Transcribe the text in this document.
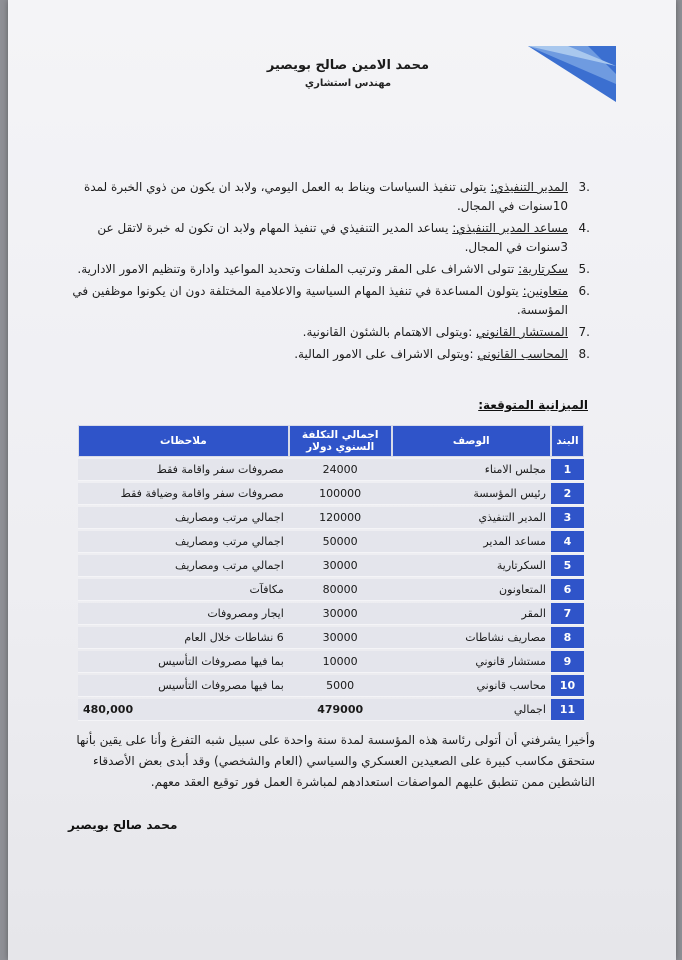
محمد الامين صالح بويصير
مهندس استشاري
3.
المدير التنفيذي: يتولى تنفيذ السياسات ويناط به العمل اليومي، ولابد ان يكون من ذوي الخبرة لمدة 10سنوات في المجال.
4.
مساعد المدير التنفيذي: يساعد المدير التنفيذي في تنفيذ المهام ولابد ان تكون له خبرة لاتقل عن 3سنوات في المجال.
5.
سكرتارية: تتولى الاشراف على المقر وترتيب الملفات وتحديد المواعيد وادارة وتنظيم الامور الادارية.
6.
متعاونين: يتولون المساعدة في تنفيذ المهام السياسية والاعلامية المختلفة دون ان يكونوا موظفين في المؤسسة.
7.
المستشار القانوني :ويتولى الاهتمام بالشئون القانونية.
8.
المحاسب القانوني :ويتولى الاشراف على الامور المالية.
الميزانية المتوقعة:
البند	الوصف	اجمالي التكلفة السنوي دولار	ملاحظات
1	مجلس الامناء	24000	مصروفات سفر واقامة فقط
2	رئيس المؤسسة	100000	مصروفات سفر واقامة وضيافة فقط
3	المدير التنفيذي	120000	اجمالي مرتب ومصاريف
4	مساعد المدير	50000	اجمالي مرتب ومصاريف
5	السكرتارية	30000	اجمالي مرتب ومصاريف
6	المتعاونون	80000	مكافآت
7	المقر	30000	ايجار ومصروفات
8	مصاريف نشاطات	30000	6 نشاطات خلال العام
9	مستشار قانوني	10000	بما فيها مصروفات التأسيس
10	محاسب قانوني	5000	بما فيها مصروفات التأسيس
11	اجمالي	479000	480,000
وأخيرا يشرفني أن أتولى رئاسة هذه المؤسسة لمدة سنة واحدة على سبيل شبه التفرغ وأنا على يقين بأنها ستحقق مكاسب كبيرة على الصعيدين العسكري والسياسي (العام والشخصي) وقد أبدى بعض الأصدقاء الناشطين ممن تنطبق عليهم المواصفات استعدادهم لمباشرة العمل فور توقيع العقد معهم.
محمد صالح بويصير
